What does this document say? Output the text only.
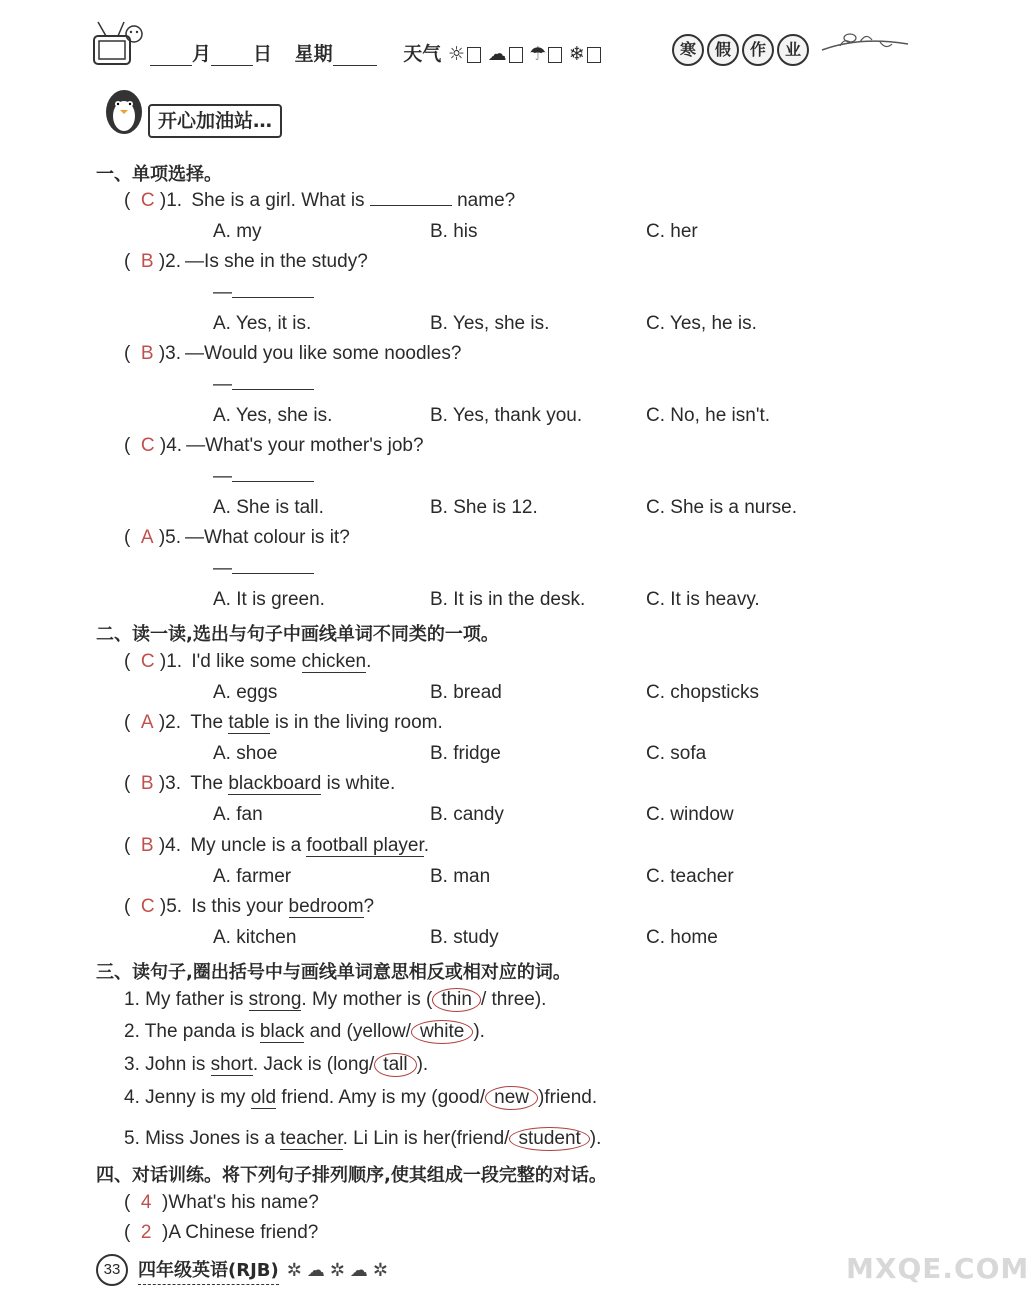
月 日 星期	天气 ☼ ☁ ☂ ❄	寒 假 作 业
开心加油站…
一、单项选择。
(  C )1. She is a girl. What is	name?
A. my	B. his	C. her
(  B )2. —Is she in the study?
—
A. Yes, it is.	B. Yes, she is.	C. Yes, he is.
(  B )3. —Would you like some noodles?
—
A. Yes, she is.	B. Yes, thank you.	C. No, he isn't.
(  C )4. —What's your mother's job?
—
A. She is tall.	B. She is 12.	C. She is a nurse.
(  A )5. —What colour is it?
—
A. It is green.	B. It is in the desk.	C. It is heavy.
二、读一读,选出与句子中画线单词不同类的一项。
(  C )1. I'd like some chicken.
A. eggs	B. bread	C. chopsticks
(  A )2. The table is in the living room.
A. shoe	B. fridge	C. sofa
(  B )3. The blackboard is white.
A. fan	B. candy	C. window
(  B )4. My uncle is a football player.
A. farmer	B. man	C. teacher
(  C )5. Is this your bedroom?
A. kitchen	B. study	C. home
三、读句子,圈出括号中与画线单词意思相反或相对应的词。
1. My father is strong. My mother is ( thin / three).
2. The panda is black and (yellow/ white ).
3. John is short. Jack is (long/ tall ).
4. Jenny is my old friend. Amy is my (good/ new )friend.
5. Miss Jones is a teacher. Li Lin is her(friend/ student ).
四、对话训练。将下列句子排列顺序,使其组成一段完整的对话。
(  4 )What's his name?
(  2 )A Chinese friend?
33 四年级英语(RJB) ✲ ☁ ✲ ☁ ✲	MXQE.COM
